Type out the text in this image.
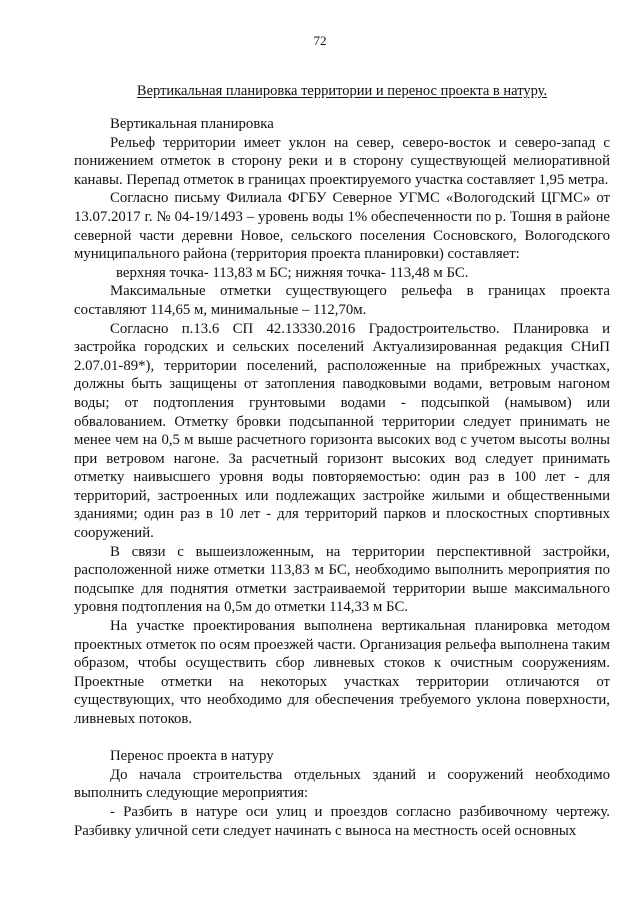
72
Вертикальная планировка территории и перенос проекта в натуру.

Вертикальная планировка

Рельеф территории имеет уклон на север, северо-восток и северо-запад с понижением отметок в сторону реки и в сторону существующей мелиоративной канавы. Перепад отметок в границах проектируемого участка составляет 1,95 метра.

Согласно письму Филиала ФГБУ Северное УГМС «Вологодский ЦГМС» от 13.07.2017 г. № 04-19/1493 – уровень воды 1% обеспеченности по р. Тошня в районе северной части деревни Новое, сельского поселения Сосновского, Вологодского муниципального района (территория проекта планировки) составляет:

верхняя точка- 113,83 м БС; нижняя точка- 113,48 м БС.

Максимальные отметки существующего рельефа в границах проекта составляют 114,65 м, минимальные – 112,70м.

Согласно п.13.6 СП 42.13330.2016 Градостроительство. Планировка и застройка городских и сельских поселений Актуализированная редакция СНиП 2.07.01-89*), территории поселений, расположенные на прибрежных участках, должны быть защищены от затопления паводковыми водами, ветровым нагоном воды; от подтопления грунтовыми водами - подсыпкой (намывом) или обвалованием. Отметку бровки подсыпанной территории следует принимать не менее чем на 0,5 м выше расчетного горизонта высоких вод с учетом высоты волны при ветровом нагоне. За расчетный горизонт высоких вод следует принимать отметку наивысшего уровня воды повторяемостью: один раз в 100 лет - для территорий, застроенных или подлежащих застройке жилыми и общественными зданиями; один раз в 10 лет - для территорий парков и плоскостных спортивных сооружений.

В связи с вышеизложенным, на территории перспективной застройки, расположенной ниже отметки 113,83 м БС, необходимо выполнить мероприятия по подсыпке для поднятия отметки застраиваемой территории выше максимального уровня подтопления на 0,5м до отметки 114,33 м БС.

На участке проектирования выполнена вертикальная планировка методом проектных отметок по осям проезжей части. Организация рельефа выполнена таким образом, чтобы осуществить сбор ливневых стоков к очистным сооружениям. Проектные отметки на некоторых участках территории отличаются от существующих, что необходимо для обеспечения требуемого уклона поверхности, ливневых потоков.

Перенос проекта в натуру

До начала строительства отдельных зданий и сооружений необходимо выполнить следующие мероприятия:

- Разбить в натуре оси улиц и проездов согласно разбивочному чертежу. Разбивку уличной сети следует начинать с выноса на местность осей основных
